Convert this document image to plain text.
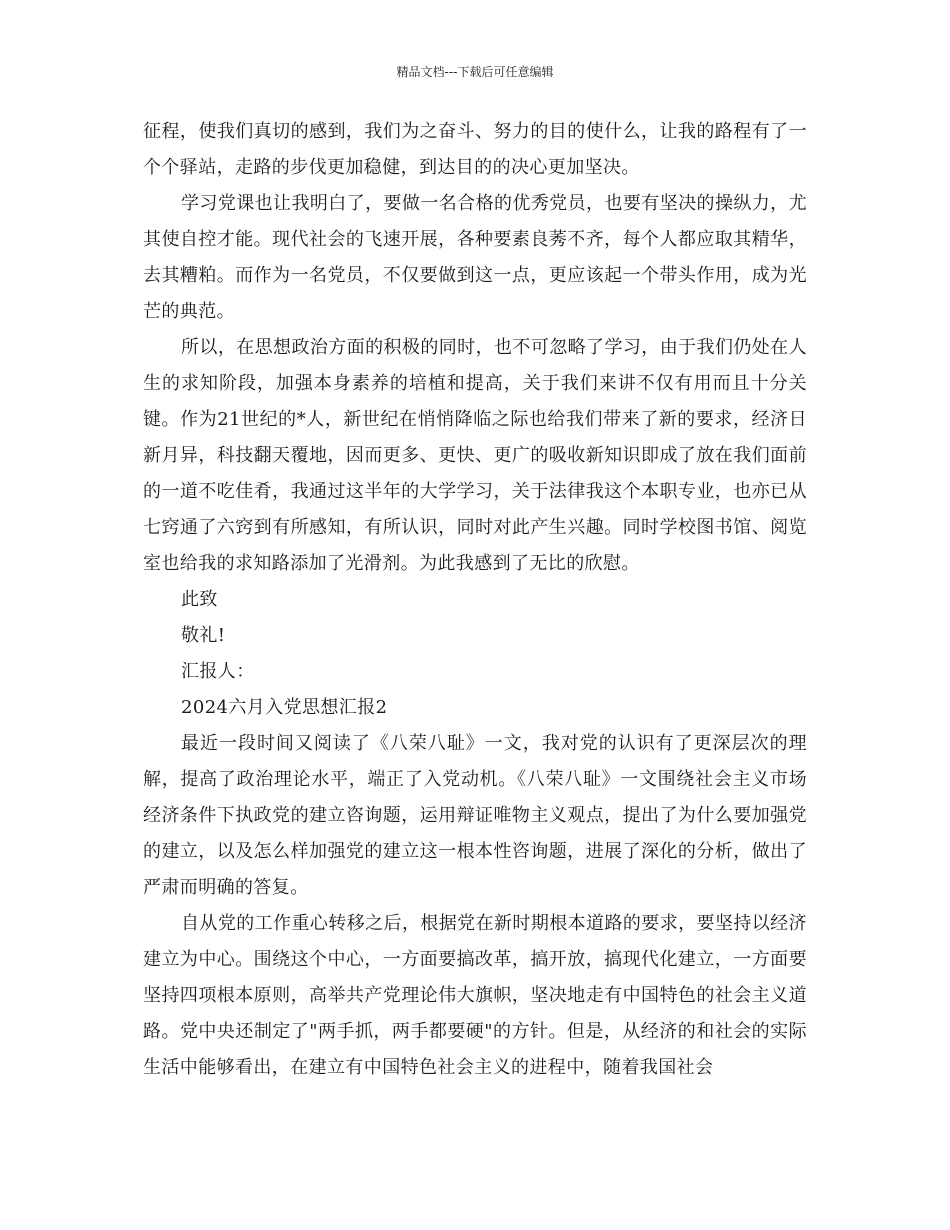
精品文档---下载后可任意编辑

征程，使我们真切的感到，我们为之奋斗、努力的目的使什么，让我的路程有了一个个驿站，走路的步伐更加稳健，到达目的的决心更加坚决。

学习党课也让我明白了，要做一名合格的优秀党员，也要有坚决的操纵力，尤其使自控才能。现代社会的飞速开展，各种要素良莠不齐，每个人都应取其精华，去其糟粕。而作为一名党员，不仅要做到这一点，更应该起一个带头作用，成为光芒的典范。

所以，在思想政治方面的积极的同时，也不可忽略了学习，由于我们仍处在人生的求知阶段，加强本身素养的培植和提高，关于我们来讲不仅有用而且十分关键。作为21世纪的*人，新世纪在悄悄降临之际也给我们带来了新的要求，经济日新月异，科技翻天覆地，因而更多、更快、更广的吸收新知识即成了放在我们面前的一道不吃佳肴，我通过这半年的大学学习，关于法律我这个本职专业，也亦已从七窍通了六窍到有所感知，有所认识，同时对此产生兴趣。同时学校图书馆、阅览室也给我的求知路添加了光滑剂。为此我感到了无比的欣慰。

此致

敬礼!

汇报人：

2024六月入党思想汇报2

最近一段时间又阅读了《八荣八耻》一文，我对党的认识有了更深层次的理解，提高了政治理论水平，端正了入党动机。《八荣八耻》一文围绕社会主义市场经济条件下执政党的建立咨询题，运用辩证唯物主义观点，提出了为什么要加强党的建立，以及怎么样加强党的建立这一根本性咨询题，进展了深化的分析，做出了严肃而明确的答复。

自从党的工作重心转移之后，根据党在新时期根本道路的要求，要坚持以经济建立为中心。围绕这个中心，一方面要搞改革，搞开放，搞现代化建立，一方面要坚持四项根本原则，高举共产党理论伟大旗帜，坚决地走有中国特色的社会主义道路。党中央还制定了"两手抓，两手都要硬"的方针。但是，从经济的和社会的实际生活中能够看出，在建立有中国特色社会主义的进程中，随着我国社会
